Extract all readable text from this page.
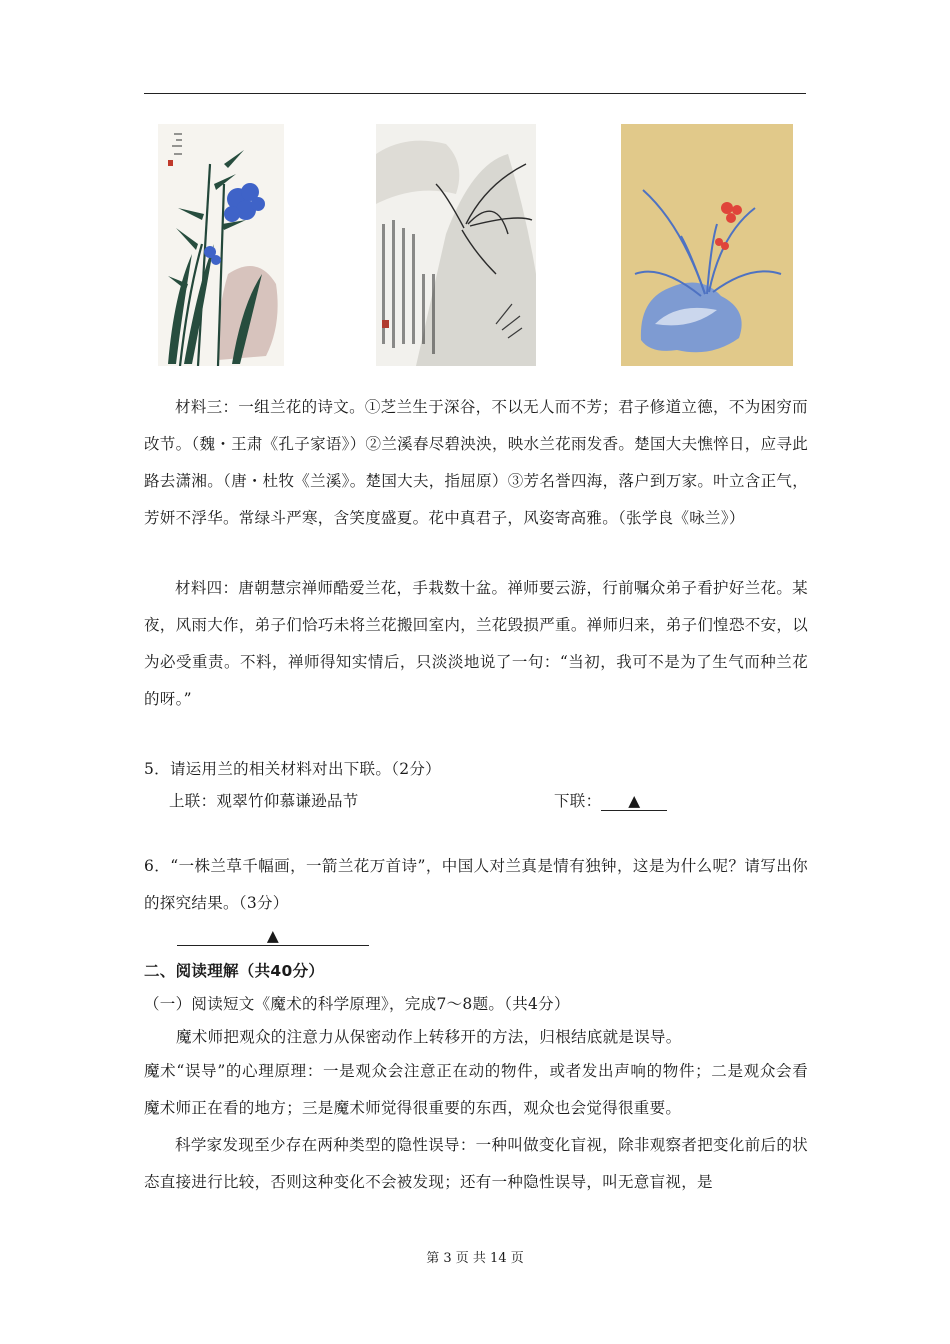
材料三：一组兰花的诗文。①芝兰生于深谷，不以无人而不芳；君子修道立德，不为困穷而改节。（魏・王肃《孔子家语》）②兰溪春尽碧泱泱，映水兰花雨发香。楚国大夫憔悴日，应寻此路去潇湘。（唐・杜牧《兰溪》。楚国大夫，指屈原）③芳名誉四海，落户到万家。叶立含正气，芳妍不浮华。常绿斗严寒，含笑度盛夏。花中真君子，风姿寄高雅。（张学良《咏兰》）

材料四：唐朝慧宗禅师酷爱兰花，手栽数十盆。禅师要云游，行前嘱众弟子看护好兰花。某夜，风雨大作，弟子们恰巧未将兰花搬回室内，兰花毁损严重。禅师归来，弟子们惶恐不安，以为必受重责。不料，禅师得知实情后，只淡淡地说了一句：“当初，我可不是为了生气而种兰花的呀。”

5．请运用兰的相关材料对出下联。（2分）
上联：观翠竹仰慕谦逊品节	下联： ▲

6．“一株兰草千幅画，一箭兰花万首诗”，中国人对兰真是情有独钟，这是为什么呢？请写出你的探究结果。（3分）

▲
二、阅读理解（共40分）
（一）阅读短文《魔术的科学原理》，完成7～8题。（共4分）
魔术师把观众的注意力从保密动作上转移开的方法，归根结底就是误导。

魔术“误导”的心理原理：一是观众会注意正在动的物件，或者发出声响的物件；二是观众会看魔术师正在看的地方；三是魔术师觉得很重要的东西，观众也会觉得很重要。

科学家发现至少存在两种类型的隐性误导：一种叫做变化盲视，除非观察者把变化前后的状态直接进行比较，否则这种变化不会被发现；还有一种隐性误导，叫无意盲视，是

第 3 页 共 14 页
